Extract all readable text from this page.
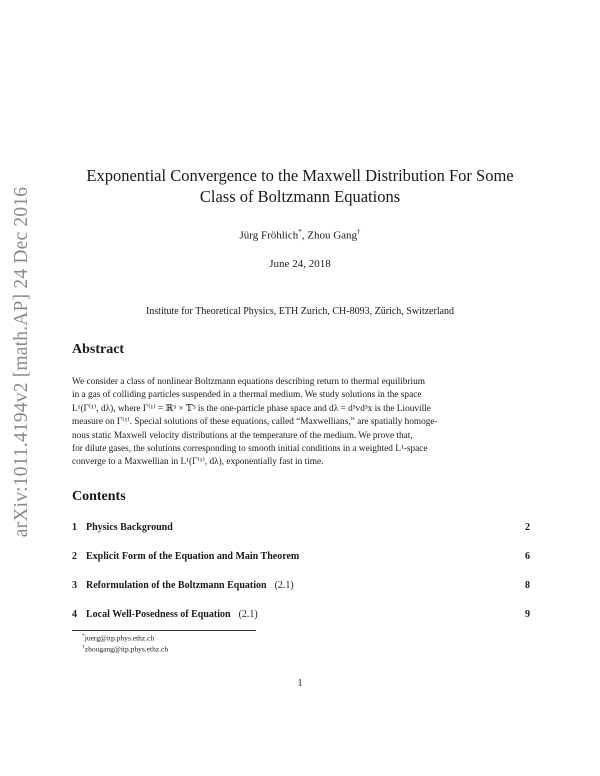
arXiv:1011.4194v2 [math.AP] 24 Dec 2016
Exponential Convergence to the Maxwell Distribution For Some
Class of Boltzmann Equations
Jürg Fröhlich*, Zhou Gang†
June 24, 2018
Institute for Theoretical Physics, ETH Zurich, CH-8093, Zürich, Switzerland
Abstract

We consider a class of nonlinear Boltzmann equations describing return to thermal equilibrium
in a gas of colliding particles suspended in a thermal medium. We study solutions in the space
L¹(Γ⁽¹⁾, dλ), where Γ⁽¹⁾ = ℝ³ × 𝕋³ is the one-particle phase space and dλ = d³vd³x is the Liouville
measure on Γ⁽¹⁾. Special solutions of these equations, called “Maxwellians,” are spatially homoge-
nous static Maxwell velocity distributions at the temperature of the medium. We prove that,
for dilute gases, the solutions corresponding to smooth initial conditions in a weighted L¹-space
converge to a Maxwellian in L¹(Γ⁽¹⁾, dλ), exponentially fast in time.

Contents
1 Physics Background	2
2 Explicit Form of the Equation and Main Theorem	6
3 Reformulation of the Boltzmann Equation (2.1)	8
4 Local Well-Posedness of Equation (2.1)	9
*juerg@itp.phys.ethz.ch
†zhougang@itp.phys.ethz.ch
1
